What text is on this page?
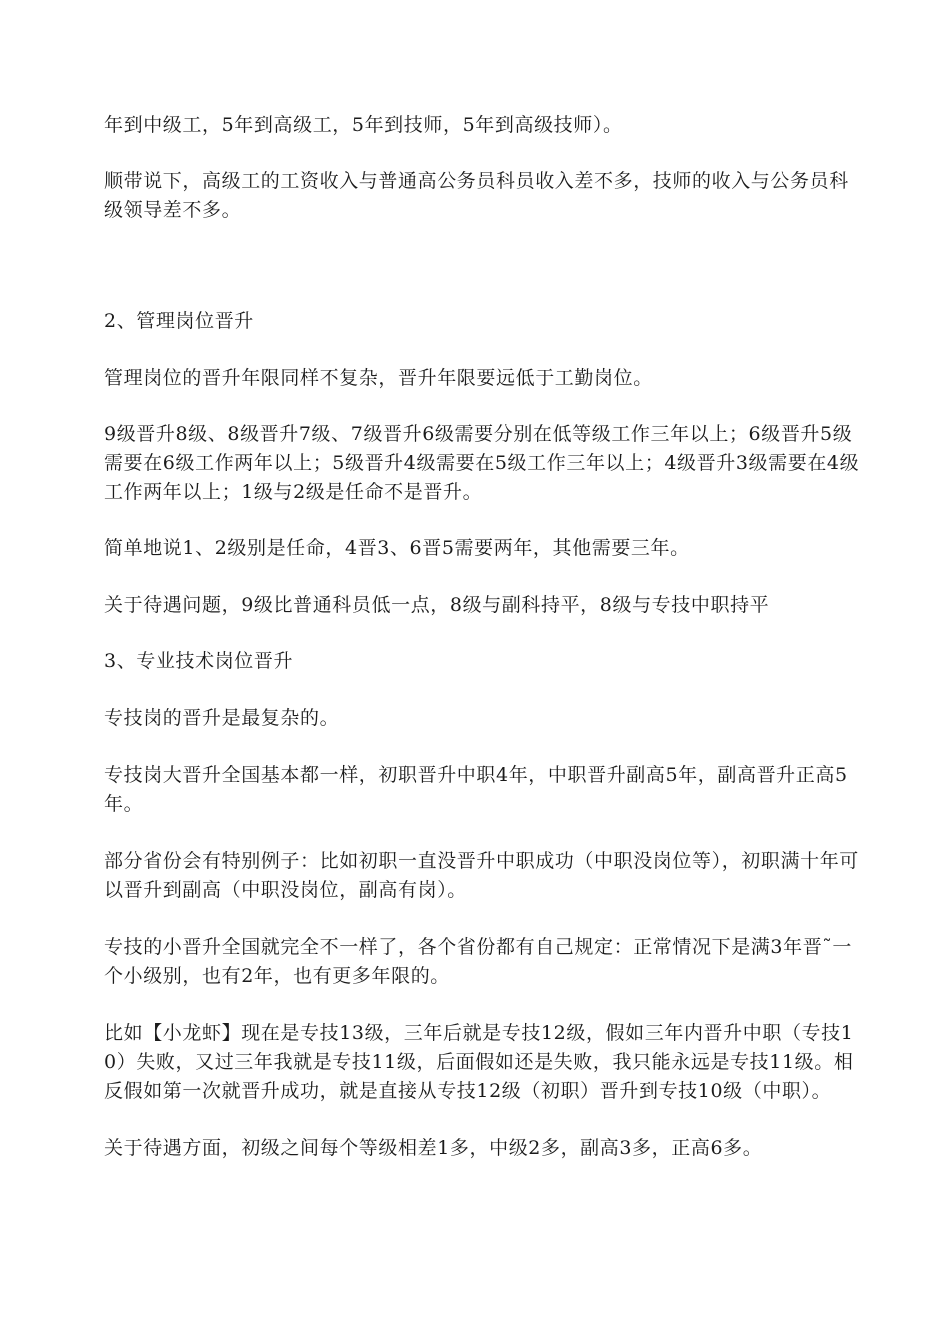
年到中级工，5年到高级工，5年到技师，5年到高级技师）。

顺带说下，高级工的工资收入与普通高公务员科员收入差不多，技师的收入与公务员科级领导差不多。

2、管理岗位晋升

管理岗位的晋升年限同样不复杂，晋升年限要远低于工勤岗位。

9级晋升8级、8级晋升7级、7级晋升6级需要分别在低等级工作三年以上；6级晋升5级需要在6级工作两年以上；5级晋升4级需要在5级工作三年以上；4级晋升3级需要在4级工作两年以上；1级与2级是任命不是晋升。

简单地说1、2级别是任命，4晋3、6晋5需要两年，其他需要三年。

关于待遇问题，9级比普通科员低一点，8级与副科持平，8级与专技中职持平

3、专业技术岗位晋升

专技岗的晋升是最复杂的。

专技岗大晋升全国基本都一样，初职晋升中职4年，中职晋升副高5年，副高晋升正高5年。

部分省份会有特别例子：比如初职一直没晋升中职成功（中职没岗位等），初职满十年可以晋升到副高（中职没岗位，副高有岗）。

专技的小晋升全国就完全不一样了，各个省份都有自己规定：正常情况下是满3年晋˜一个小级别，也有2年，也有更多年限的。

比如【小龙虾】现在是专技13级，三年后就是专技12级，假如三年内晋升中职（专技10）失败，又过三年我就是专技11级，后面假如还是失败，我只能永远是专技11级。相反假如第一次就晋升成功，就是直接从专技12级（初职）晋升到专技10级（中职）。

关于待遇方面，初级之间每个等级相差1多，中级2多，副高3多，正高6多。
